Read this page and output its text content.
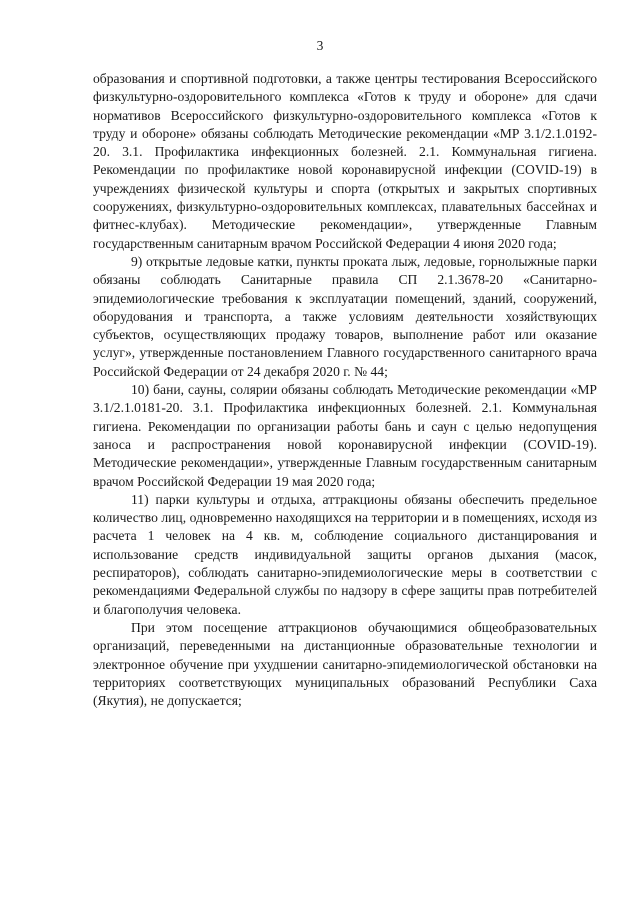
3

образования и спортивной подготовки, а также центры тестирования Всероссийского физкультурно-оздоровительного комплекса «Готов к труду и обороне» для сдачи нормативов Всероссийского физкультурно-оздоровительного комплекса «Готов к труду и обороне» обязаны соблюдать Методические рекомендации «МР 3.1/2.1.0192-20. 3.1. Профилактика инфекционных болезней. 2.1. Коммунальная гигиена. Рекомендации по профилактике новой коронавирусной инфекции (COVID-19) в учреждениях физической культуры и спорта (открытых и закрытых спортивных сооружениях, физкультурно-оздоровительных комплексах, плавательных бассейнах и фитнес-клубах). Методические рекомендации», утвержденные Главным государственным санитарным врачом Российской Федерации 4 июня 2020 года;

9) открытые ледовые катки, пункты проката лыж, ледовые, горнолыжные парки обязаны соблюдать Санитарные правила СП 2.1.3678-20 «Санитарно-эпидемиологические требования к эксплуатации помещений, зданий, сооружений, оборудования и транспорта, а также условиям деятельности хозяйствующих субъектов, осуществляющих продажу товаров, выполнение работ или оказание услуг», утвержденные постановлением Главного государственного санитарного врача Российской Федерации от 24 декабря 2020 г. № 44;

10) бани, сауны, солярии обязаны соблюдать Методические рекомендации «МР 3.1/2.1.0181-20. 3.1. Профилактика инфекционных болезней. 2.1. Коммунальная гигиена. Рекомендации по организации работы бань и саун с целью недопущения заноса и распространения новой коронавирусной инфекции (COVID-19). Методические рекомендации», утвержденные Главным государственным санитарным врачом Российской Федерации 19 мая 2020 года;

11) парки культуры и отдыха, аттракционы обязаны обеспечить предельное количество лиц, одновременно находящихся на территории и в помещениях, исходя из расчета 1 человек на 4 кв. м, соблюдение социального дистанцирования и использование средств индивидуальной защиты органов дыхания (масок, респираторов), соблюдать санитарно-эпидемиологические меры в соответствии с рекомендациями Федеральной службы по надзору в сфере защиты прав потребителей и благополучия человека.

При этом посещение аттракционов обучающимися общеобразовательных организаций, переведенными на дистанционные образовательные технологии и электронное обучение при ухудшении санитарно-эпидемиологической обстановки на территориях соответствующих муниципальных образований Республики Саха (Якутия), не допускается;
